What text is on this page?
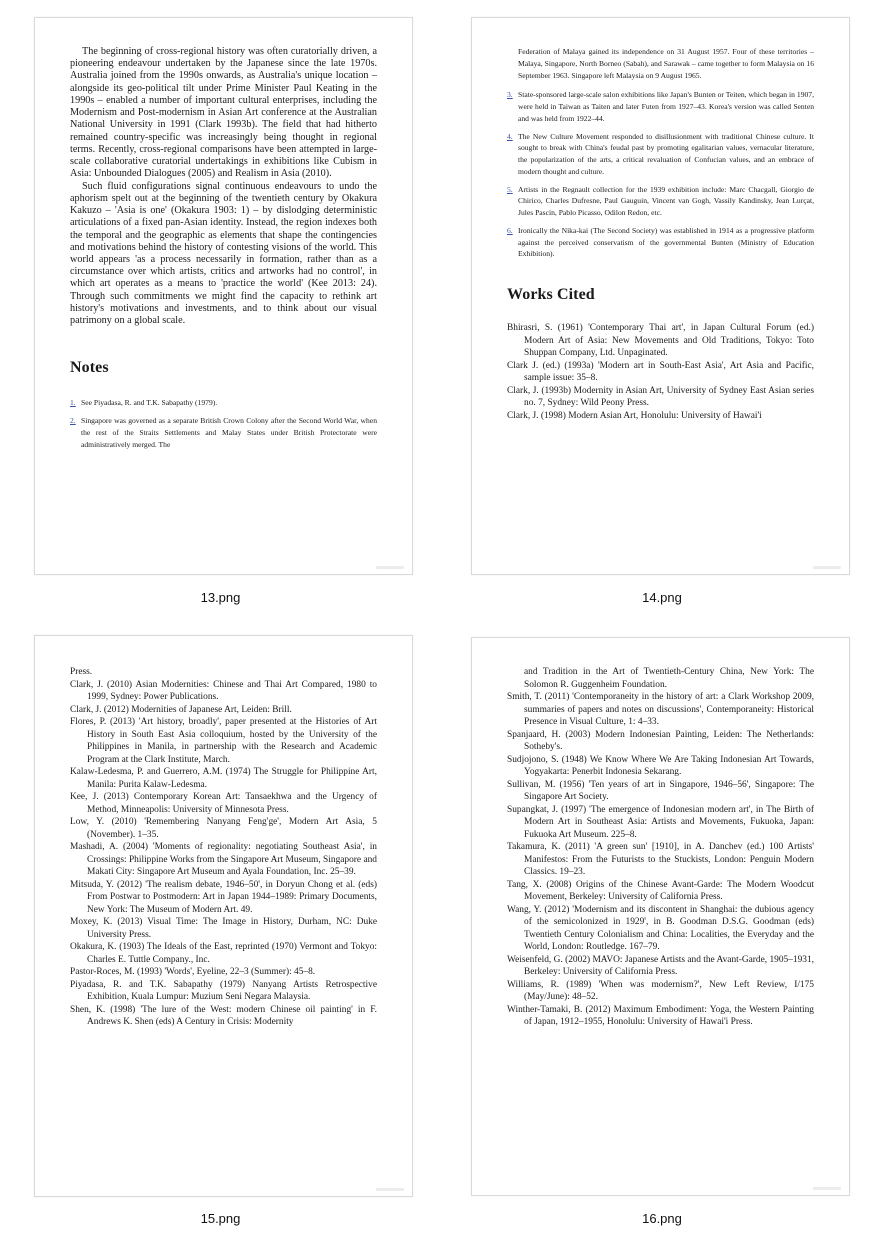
The beginning of cross-regional history was often curatorially driven, a pioneering endeavour undertaken by the Japanese since the late 1970s. Australia joined from the 1990s onwards, as Australia's unique location – alongside its geo-political tilt under Prime Minister Paul Keating in the 1990s – enabled a number of important cultural enterprises, including the Modernism and Post-modernism in Asian Art conference at the Australian National University in 1991 (Clark 1993b). The field that had hitherto remained country-specific was increasingly being thought in regional terms. Recently, cross-regional comparisons have been attempted in large-scale collaborative curatorial undertakings in exhibitions like Cubism in Asia: Unbounded Dialogues (2005) and Realism in Asia (2010).

Such fluid configurations signal continuous endeavours to undo the aphorism spelt out at the beginning of the twentieth century by Okakura Kakuzo – 'Asia is one' (Okakura 1903: 1) – by dislodging deterministic articulations of a fixed pan-Asian identity. Instead, the region indexes both the temporal and the geographic as elements that shape the contingencies and motivations behind the history of contesting visions of the world. This world appears 'as a process necessarily in formation, rather than as a circumstance over which artists, critics and artworks had no control', in which art operates as a means to 'practice the world' (Kee 2013: 24). Through such commitments we might find the capacity to rethink art history's motivations and investments, and to think about our visual patrimony on a global scale.

Notes

1. See Piyadasa, R. and T.K. Sabapathy (1979).
2. Singapore was governed as a separate British Crown Colony after the Second World War, when the rest of the Straits Settlements and Malay States under British Protectorate were administratively merged. The
13.png

Federation of Malaya gained its independence on 31 August 1957. Four of these territories – Malaya, Singapore, North Borneo (Sabah), and Sarawak – came together to form Malaysia on 16 September 1963. Singapore left Malaysia on 9 August 1965.

3. State-sponsored large-scale salon exhibitions like Japan's Bunten or Teiten, which began in 1907, were held in Taiwan as Taiten and later Futen from 1927–43. Korea's version was called Senten and was held from 1922–44.
4. The New Culture Movement responded to disillusionment with traditional Chinese culture. It sought to break with China's feudal past by promoting egalitarian values, vernacular literature, the popularization of the arts, a critical revaluation of Confucian values, and an embrace of modern thought and culture.
5. Artists in the Regnault collection for the 1939 exhibition include: Marc Chacgall, Giorgio de Chirico, Charles Dufresne, Paul Gauguin, Vincent van Gogh, Vassily Kandinsky, Jean Lurçat, Jules Pascin, Pablo Picasso, Odilon Redon, etc.
6. Ironically the Nika-kai (The Second Society) was established in 1914 as a progressive platform against the perceived conservatism of the governmental Bunten (Ministry of Education Exhibition).

Works Cited

Bhirasri, S. (1961) 'Contemporary Thai art', in Japan Cultural Forum (ed.) Modern Art of Asia: New Movements and Old Traditions, Tokyo: Toto Shuppan Company, Ltd. Unpaginated.

Clark J. (ed.) (1993a) 'Modern art in South-East Asia', Art Asia and Pacific, sample issue: 35–8.

Clark, J. (1993b) Modernity in Asian Art, University of Sydney East Asian series no. 7, Sydney: Wild Peony Press.

Clark, J. (1998) Modern Asian Art, Honolulu: University of Hawai'i

14.png

Press.

Clark, J. (2010) Asian Modernities: Chinese and Thai Art Compared, 1980 to 1999, Sydney: Power Publications.

Clark, J. (2012) Modernities of Japanese Art, Leiden: Brill.

Flores, P. (2013) 'Art history, broadly', paper presented at the Histories of Art History in South East Asia colloquium, hosted by the University of the Philippines in Manila, in partnership with the Research and Academic Program at the Clark Institute, March.

Kalaw-Ledesma, P. and Guerrero, A.M. (1974) The Struggle for Philippine Art, Manila: Purita Kalaw-Ledesma.

Kee, J. (2013) Contemporary Korean Art: Tansaekhwa and the Urgency of Method, Minneapolis: University of Minnesota Press.

Low, Y. (2010) 'Remembering Nanyang Feng'ge', Modern Art Asia, 5 (November). 1–35.

Mashadi, A. (2004) 'Moments of regionality: negotiating Southeast Asia', in Crossings: Philippine Works from the Singapore Art Museum, Singapore and Makati City: Singapore Art Museum and Ayala Foundation, Inc. 25–39.

Mitsuda, Y. (2012) 'The realism debate, 1946–50', in Doryun Chong et al. (eds) From Postwar to Postmodern: Art in Japan 1944–1989: Primary Documents, New York: The Museum of Modern Art. 49.

Moxey, K. (2013) Visual Time: The Image in History, Durham, NC: Duke University Press.

Okakura, K. (1903) The Ideals of the East, reprinted (1970) Vermont and Tokyo: Charles E. Tuttle Company., Inc.

Pastor-Roces, M. (1993) 'Words', Eyeline, 22–3 (Summer): 45–8.

Piyadasa, R. and T.K. Sabapathy (1979) Nanyang Artists Retrospective Exhibition, Kuala Lumpur: Muzium Seni Negara Malaysia.

Shen, K. (1998) 'The lure of the West: modern Chinese oil painting' in F. Andrews K. Shen (eds) A Century in Crisis: Modernity

15.png

and Tradition in the Art of Twentieth-Century China, New York: The Solomon R. Guggenheim Foundation.

Smith, T. (2011) 'Contemporaneity in the history of art: a Clark Workshop 2009, summaries of papers and notes on discussions', Contemporaneity: Historical Presence in Visual Culture, 1: 4–33.

Spanjaard, H. (2003) Modern Indonesian Painting, Leiden: The Netherlands: Sotheby's.

Sudjojono, S. (1948) We Know Where We Are Taking Indonesian Art Towards, Yogyakarta: Penerbit Indonesia Sekarang.

Sullivan, M. (1956) 'Ten years of art in Singapore, 1946–56', Singapore: The Singapore Art Society.

Supangkat, J. (1997) 'The emergence of Indonesian modern art', in The Birth of Modern Art in Southeast Asia: Artists and Movements, Fukuoka, Japan: Fukuoka Art Museum. 225–8.

Takamura, K. (2011) 'A green sun' [1910], in A. Danchev (ed.) 100 Artists' Manifestos: From the Futurists to the Stuckists, London: Penguin Modern Classics. 19–23.

Tang, X. (2008) Origins of the Chinese Avant-Garde: The Modern Woodcut Movement, Berkeley: University of California Press.

Wang, Y. (2012) 'Modernism and its discontent in Shanghai: the dubious agency of the semicolonized in 1929', in B. Goodman D.S.G. Goodman (eds) Twentieth Century Colonialism and China: Localities, the Everyday and the World, London: Routledge. 167–79.

Weisenfeld, G. (2002) MAVO: Japanese Artists and the Avant-Garde, 1905–1931, Berkeley: University of California Press.

Williams, R. (1989) 'When was modernism?', New Left Review, I/175 (May/June): 48–52.

Winther-Tamaki, B. (2012) Maximum Embodiment: Yoga, the Western Painting of Japan, 1912–1955, Honolulu: University of Hawai'i Press.

16.png
